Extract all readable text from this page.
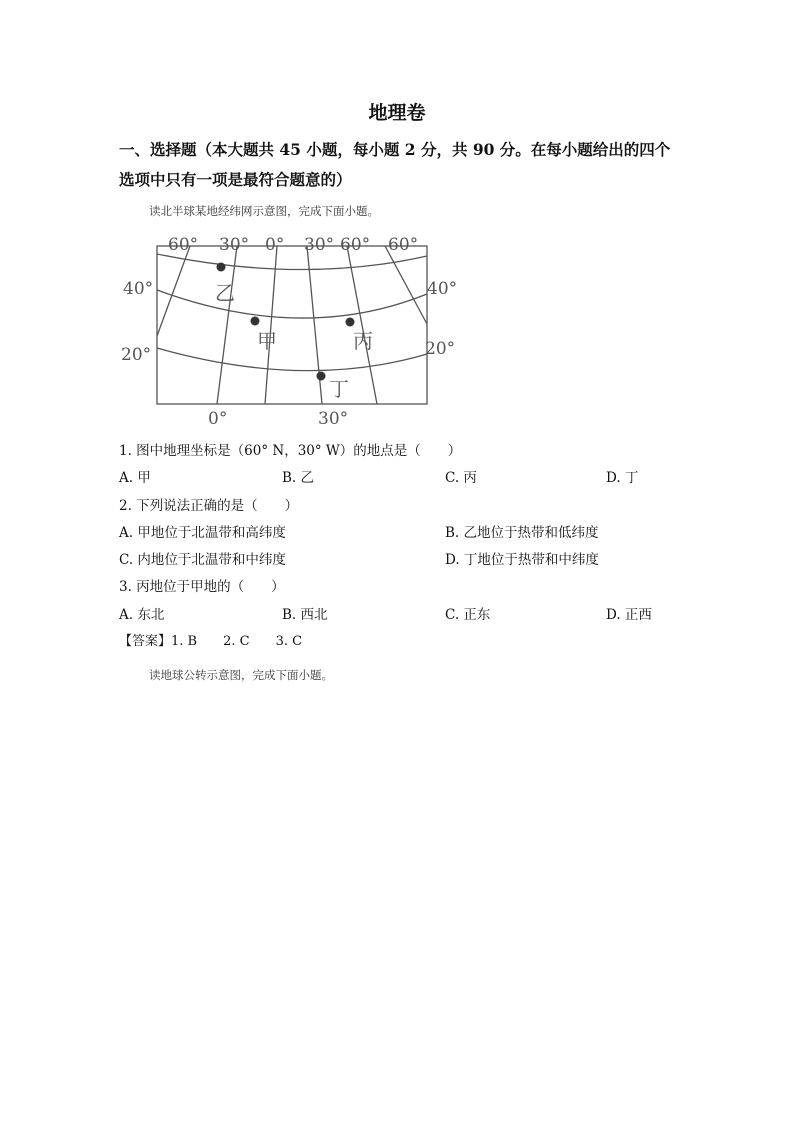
地理卷
一、选择题（本大题共 45 小题，每小题 2 分，共 90 分。在每小题给出的四个
选项中只有一项是最符合题意的）
读北半球某地经纬网示意图，完成下面小题。
60° 30° 0° 30° 60° 60°
40°
20°
40°
20°
0°	30°
乙
甲	丙
丁
1. 图中地理坐标是（60° N，30° W）的地点是（　　）
A. 甲	B. 乙	C. 丙	D. 丁
2. 下列说法正确的是（　　）
A. 甲地位于北温带和高纬度	B. 乙地位于热带和低纬度
C. 内地位于北温带和中纬度	D. 丁地位于热带和中纬度
3. 丙地位于甲地的（　　）
A. 东北	B. 西北	C. 正东	D. 正西
【答案】1. B　　2. C　　3. C
读地球公转示意图，完成下面小题。
